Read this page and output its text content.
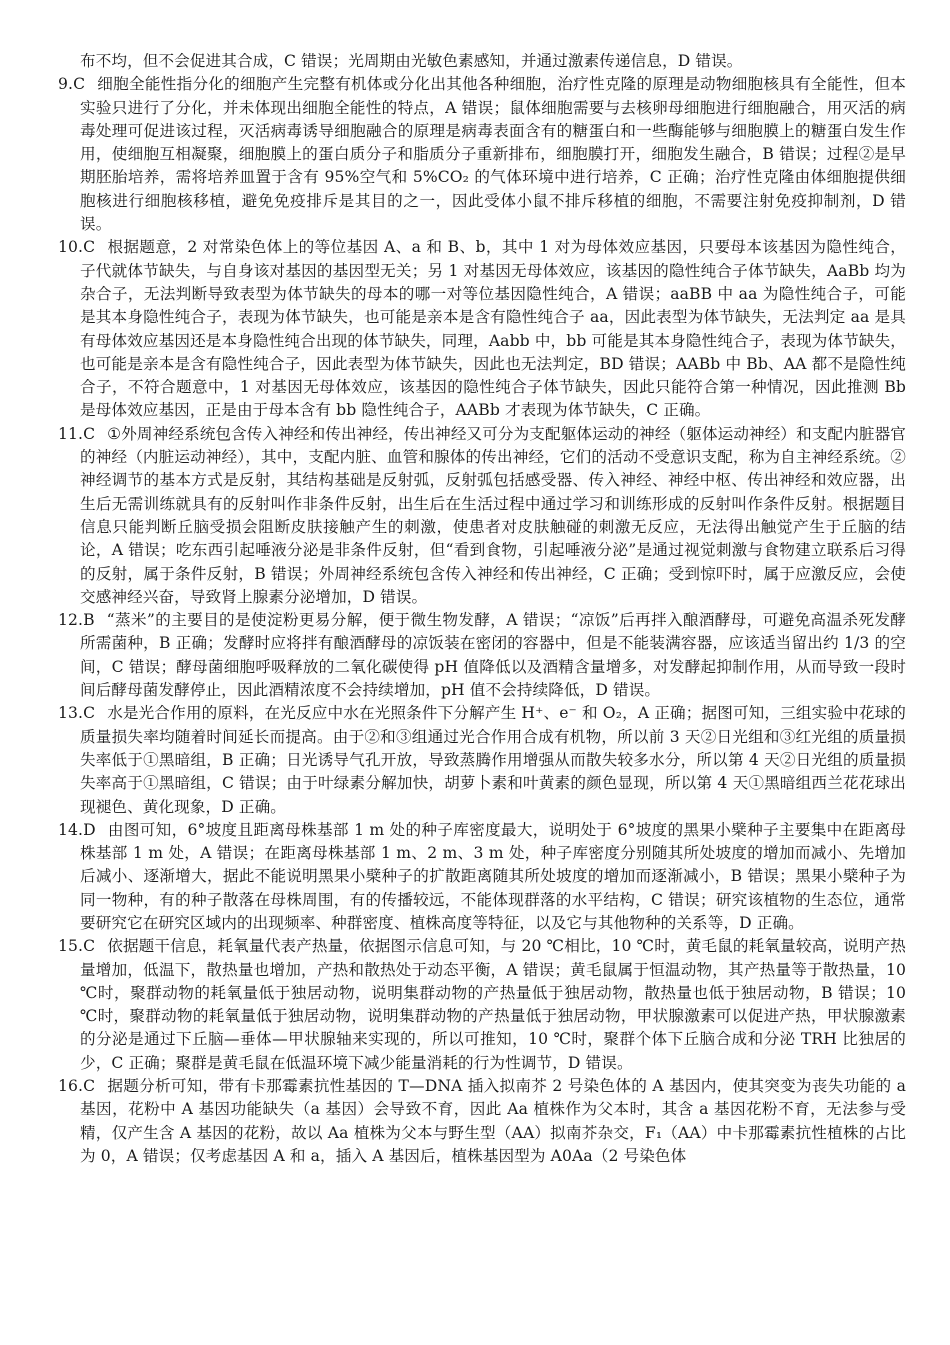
布不均，但不会促进其合成，C 错误；光周期由光敏色素感知，并通过激素传递信息，D 错误。

9.C 细胞全能性指分化的细胞产生完整有机体或分化出其他各种细胞，治疗性克隆的原理是动物细胞核具有全能性，但本实验只进行了分化，并未体现出细胞全能性的特点，A 错误；鼠体细胞需要与去核卵母细胞进行细胞融合，用灭活的病毒处理可促进该过程，灭活病毒诱导细胞融合的原理是病毒表面含有的糖蛋白和一些酶能够与细胞膜上的糖蛋白发生作用，使细胞互相凝聚，细胞膜上的蛋白质分子和脂质分子重新排布，细胞膜打开，细胞发生融合，B 错误；过程②是早期胚胎培养，需将培养皿置于含有 95%空气和 5%CO₂ 的气体环境中进行培养，C 正确；治疗性克隆由体细胞提供细胞核进行细胞核移植，避免免疫排斥是其目的之一，因此受体小鼠不排斥移植的细胞，不需要注射免疫抑制剂，D 错误。

10.C 根据题意，2 对常染色体上的等位基因 A、a 和 B、b，其中 1 对为母体效应基因，只要母本该基因为隐性纯合，子代就体节缺失，与自身该对基因的基因型无关；另 1 对基因无母体效应，该基因的隐性纯合子体节缺失，AaBb 均为杂合子，无法判断导致表型为体节缺失的母本的哪一对等位基因隐性纯合，A 错误；aaBB 中 aa 为隐性纯合子，可能是其本身隐性纯合子，表现为体节缺失，也可能是亲本是含有隐性纯合子 aa，因此表型为体节缺失，无法判定 aa 是具有母体效应基因还是本身隐性纯合出现的体节缺失，同理，Aabb 中，bb 可能是其本身隐性纯合子，表现为体节缺失，也可能是亲本是含有隐性纯合子，因此表型为体节缺失，因此也无法判定，BD 错误；AABb 中 Bb、AA 都不是隐性纯合子，不符合题意中，1 对基因无母体效应，该基因的隐性纯合子体节缺失，因此只能符合第一种情况，因此推测 Bb 是母体效应基因，正是由于母本含有 bb 隐性纯合子，AABb 才表现为体节缺失，C 正确。

11.C ①外周神经系统包含传入神经和传出神经，传出神经又可分为支配躯体运动的神经（躯体运动神经）和支配内脏器官的神经（内脏运动神经），其中，支配内脏、血管和腺体的传出神经，它们的活动不受意识支配，称为自主神经系统。②神经调节的基本方式是反射，其结构基础是反射弧，反射弧包括感受器、传入神经、神经中枢、传出神经和效应器，出生后无需训练就具有的反射叫作非条件反射，出生后在生活过程中通过学习和训练形成的反射叫作条件反射。根据题目信息只能判断丘脑受损会阻断皮肤接触产生的刺激，使患者对皮肤触碰的刺激无反应，无法得出触觉产生于丘脑的结论，A 错误；吃东西引起唾液分泌是非条件反射，但“看到食物，引起唾液分泌”是通过视觉刺激与食物建立联系后习得的反射，属于条件反射，B 错误；外周神经系统包含传入神经和传出神经，C 正确；受到惊吓时，属于应激反应，会使交感神经兴奋，导致肾上腺素分泌增加，D 错误。

12.B “蒸米”的主要目的是使淀粉更易分解，便于微生物发酵，A 错误；“凉饭”后再拌入酿酒酵母，可避免高温杀死发酵所需菌种，B 正确；发酵时应将拌有酿酒酵母的凉饭装在密闭的容器中，但是不能装满容器，应该适当留出约 1/3 的空间，C 错误；酵母菌细胞呼吸释放的二氧化碳使得 pH 值降低以及酒精含量增多，对发酵起抑制作用，从而导致一段时间后酵母菌发酵停止，因此酒精浓度不会持续增加，pH 值不会持续降低，D 错误。

13.C 水是光合作用的原料，在光反应中水在光照条件下分解产生 H⁺、e⁻ 和 O₂，A 正确；据图可知，三组实验中花球的质量损失率均随着时间延长而提高。由于②和③组通过光合作用合成有机物，所以前 3 天②日光组和③红光组的质量损失率低于①黑暗组，B 正确；日光诱导气孔开放，导致蒸腾作用增强从而散失较多水分，所以第 4 天②日光组的质量损失率高于①黑暗组，C 错误；由于叶绿素分解加快，胡萝卜素和叶黄素的颜色显现，所以第 4 天①黑暗组西兰花花球出现褪色、黄化现象，D 正确。

14.D 由图可知，6°坡度且距离母株基部 1 m 处的种子库密度最大，说明处于 6°坡度的黑果小檗种子主要集中在距离母株基部 1 m 处，A 错误；在距离母株基部 1 m、2 m、3 m 处，种子库密度分别随其所处坡度的增加而减小、先增加后减小、逐渐增大，据此不能说明黑果小檗种子的扩散距离随其所处坡度的增加而逐渐减小，B 错误；黑果小檗种子为同一物种，有的种子散落在母株周围，有的传播较远，不能体现群落的水平结构，C 错误；研究该植物的生态位，通常要研究它在研究区域内的出现频率、种群密度、植株高度等特征，以及它与其他物种的关系等，D 正确。

15.C 依据题干信息，耗氧量代表产热量，依据图示信息可知，与 20 ℃相比，10 ℃时，黄毛鼠的耗氧量较高，说明产热量增加，低温下，散热量也增加，产热和散热处于动态平衡，A 错误；黄毛鼠属于恒温动物，其产热量等于散热量，10 ℃时，聚群动物的耗氧量低于独居动物，说明集群动物的产热量低于独居动物，散热量也低于独居动物，B 错误；10 ℃时，聚群动物的耗氧量低于独居动物，说明集群动物的产热量低于独居动物，甲状腺激素可以促进产热，甲状腺激素的分泌是通过下丘脑—垂体—甲状腺轴来实现的，所以可推知，10 ℃时，聚群个体下丘脑合成和分泌 TRH 比独居的少，C 正确；聚群是黄毛鼠在低温环境下减少能量消耗的行为性调节，D 错误。

16.C 据题分析可知，带有卡那霉素抗性基因的 T—DNA 插入拟南芥 2 号染色体的 A 基因内，使其突变为丧失功能的 a 基因，花粉中 A 基因功能缺失（a 基因）会导致不育，因此 Aa 植株作为父本时，其含 a 基因花粉不育，无法参与受精，仅产生含 A 基因的花粉，故以 Aa 植株为父本与野生型（AA）拟南芥杂交，F₁（AA）中卡那霉素抗性植株的占比为 0，A 错误；仅考虑基因 A 和 a，插入 A 基因后，植株基因型为 A0Aa（2 号染色体
